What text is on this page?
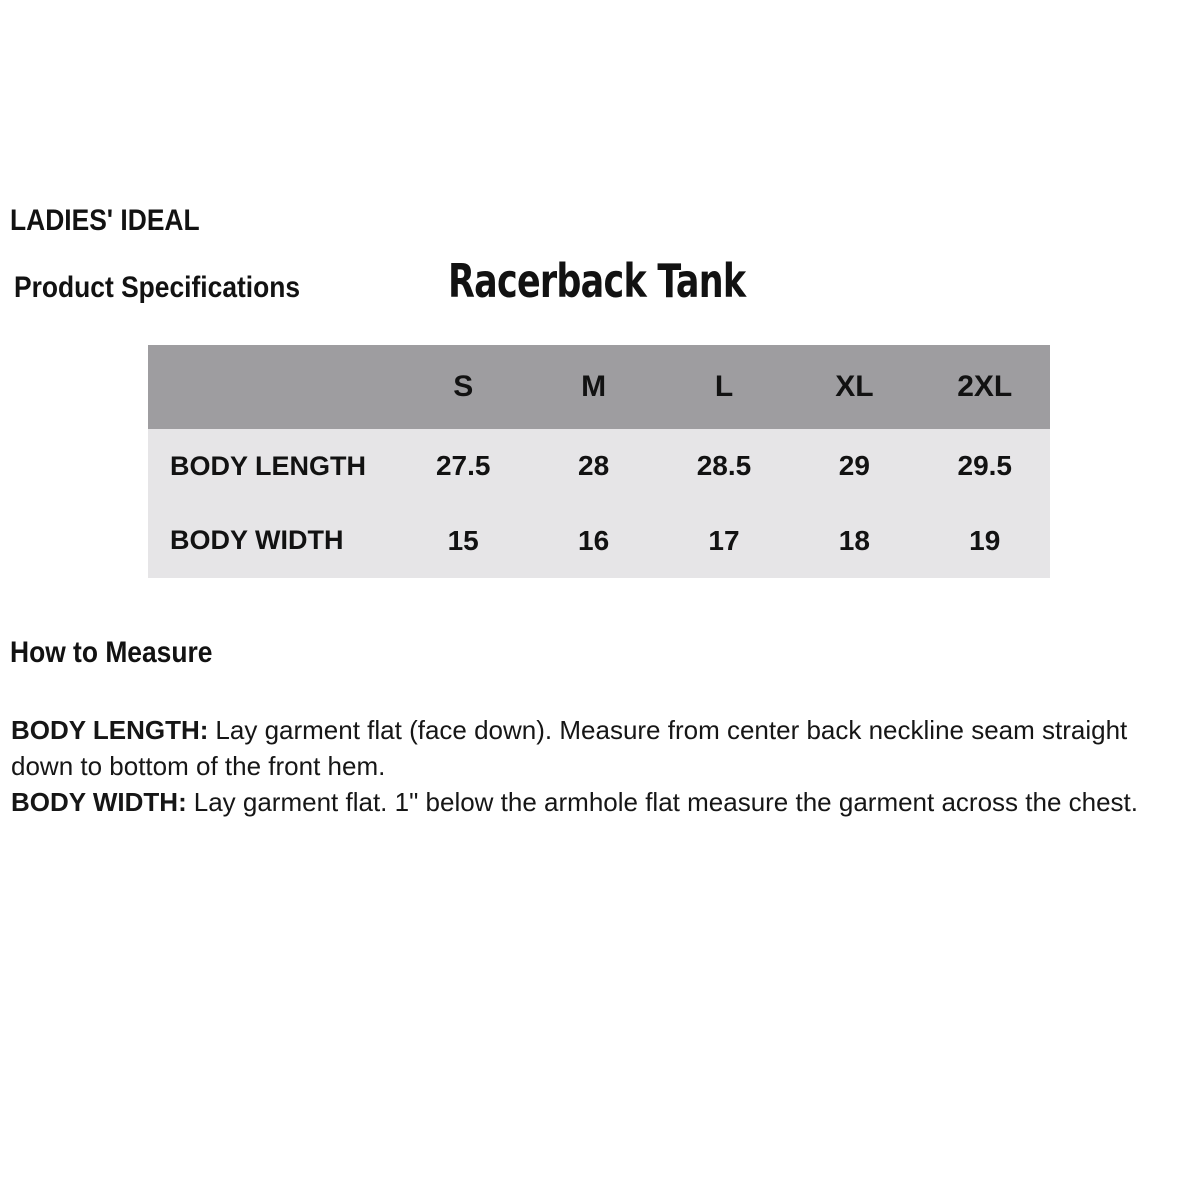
LADIES' IDEAL
Product Specifications	Racerback Tank
S	M	L	XL	2XL
BODY LENGTH	27.5	28	28.5	29	29.5
BODY WIDTH	15	16	17	18	19
How to Measure
BODY LENGTH: Lay garment flat (face down). Measure from center back neckline seam straight
down to bottom of the front hem.
BODY WIDTH: Lay garment flat. 1" below the armhole flat measure the garment across the chest.
